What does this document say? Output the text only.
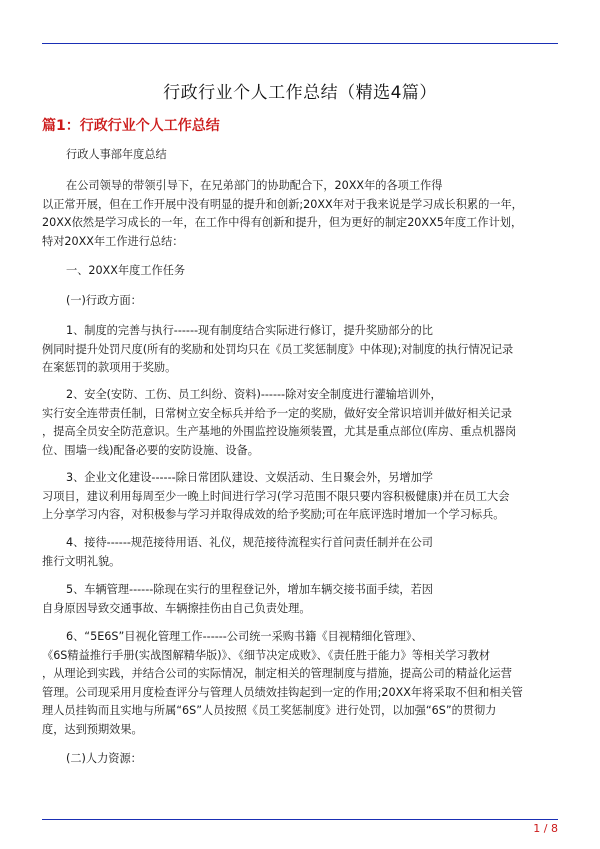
行政行业个人工作总结（精选4篇）
篇1：行政行业个人工作总结
行政人事部年度总结
在公司领导的带领引导下，在兄弟部门的协助配合下，20XX年的各项工作得
以正常开展，但在工作开展中没有明显的提升和创新;20XX年对于我来说是学习成长积累的一年，
20XX依然是学习成长的一年，在工作中得有创新和提升，但为更好的制定20XX5年度工作计划，
特对20XX年工作进行总结：
一、20XX年度工作任务
(一)行政方面：
1、制度的完善与执行------现有制度结合实际进行修订，提升奖励部分的比
例同时提升处罚尺度(所有的奖励和处罚均只在《员工奖惩制度》中体现);对制度的执行情况记录
在案惩罚的款项用于奖励。
2、安全(安防、工伤、员工纠纷、资料)------除对安全制度进行灌输培训外，
实行安全连带责任制，日常树立安全标兵并给予一定的奖励，做好安全常识培训并做好相关记录
，提高全员安全防范意识。生产基地的外围监控设施须装置，尤其是重点部位(库房、重点机器岗
位、围墙一线)配备必要的安防设施、设备。
3、企业文化建设------除日常团队建设、文娱活动、生日聚会外，另增加学
习项目，建议利用每周至少一晚上时间进行学习(学习范围不限只要内容积极健康)并在员工大会
上分享学习内容，对积极参与学习并取得成效的给予奖励;可在年底评选时增加一个学习标兵。
4、接待------规范接待用语、礼仪，规范接待流程实行首问责任制并在公司
推行文明礼貌。
5、车辆管理------除现在实行的里程登记外，增加车辆交接书面手续，若因
自身原因导致交通事故、车辆擦挂伤由自己负责处理。
6、“5E6S”目视化管理工作------公司统一采购书籍《目视精细化管理》、
《6S精益推行手册(实战图解精华版)》、《细节决定成败》、《责任胜于能力》等相关学习教材
，从理论到实践，并结合公司的实际情况，制定相关的管理制度与措施，提高公司的精益化运营
管理。公司现采用月度检查评分与管理人员绩效挂钩起到一定的作用;20XX年将采取不但和相关管
理人员挂钩而且实地与所属“6S”人员按照《员工奖惩制度》进行处罚，以加强“6S”的贯彻力
度，达到预期效果。
(二)人力资源：
1 / 8
